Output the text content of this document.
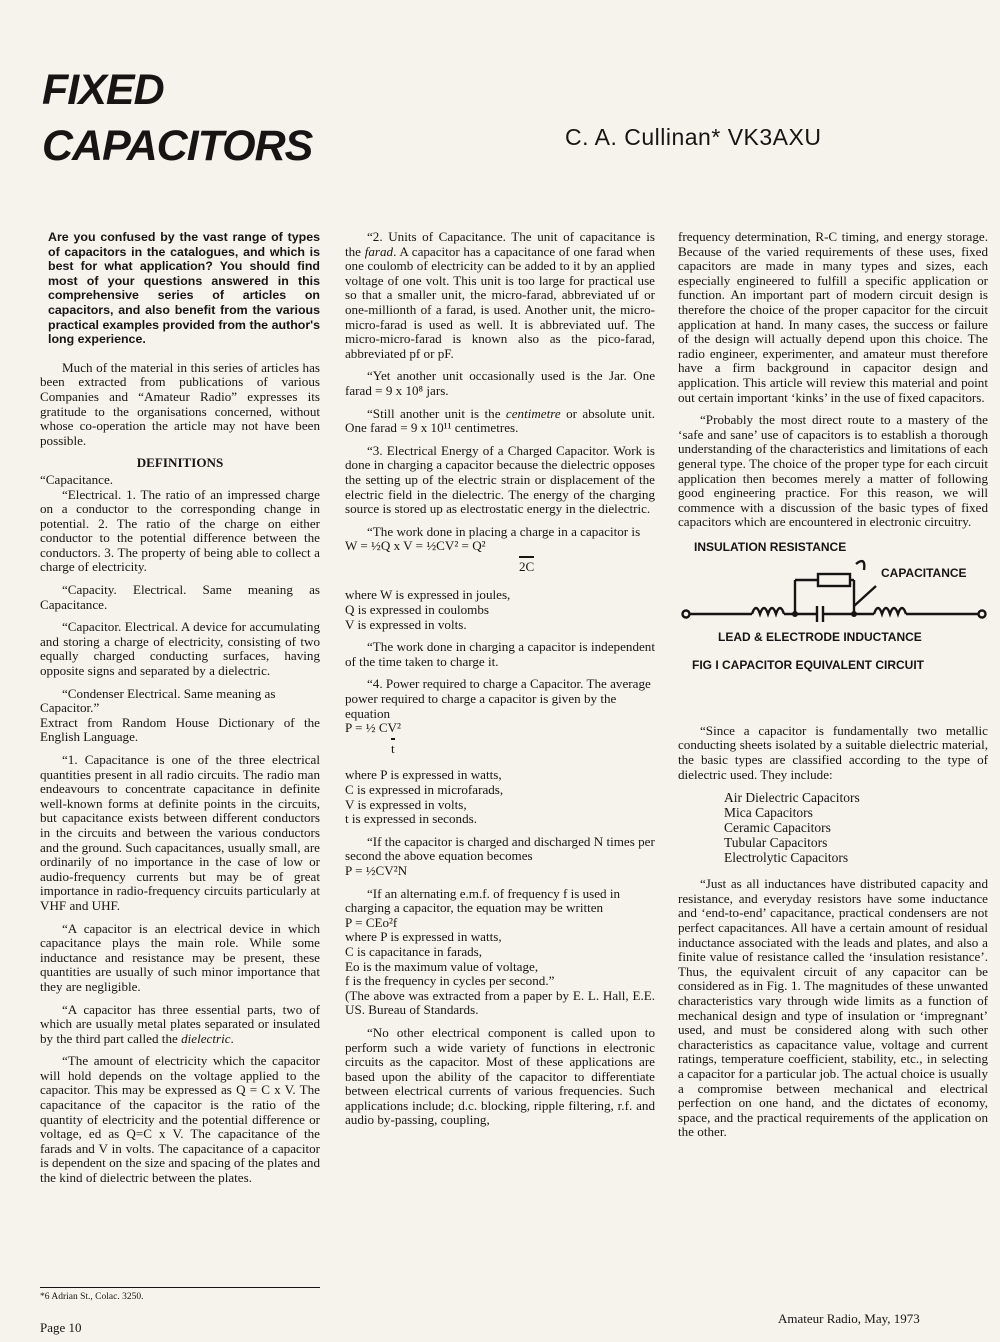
FIXED
CAPACITORS	C. A. Cullinan* VK3AXU

Are you confused by the vast range of types of capacitors in the catalogues, and which is best for what application? You should find most of your questions answered in this comprehensive series of articles on capacitors, and also benefit from the various practical examples provided from the author's long experience.

Much of the material in this series of articles has been extracted from publications of various Companies and “Amateur Radio” expresses its gratitude to the organisations concerned, without whose co-operation the article may not have been possible.

DEFINITIONS

“Capacitance.

“Electrical. 1. The ratio of an impressed charge on a conductor to the corresponding change in potential. 2. The ratio of the charge on either conductor to the potential difference between the conductors. 3. The property of being able to collect a charge of electricity.

“Capacity. Electrical. Same meaning as Capacitance.

“Capacitor. Electrical. A device for accumulating and storing a charge of electricity, consisting of two equally charged conducting surfaces, having opposite signs and separated by a dielectric.

“Condenser Electrical. Same meaning as Capacitor.”

Extract from Random House Dictionary of the English Language.

“1. Capacitance is one of the three electrical quantities present in all radio circuits. The radio man endeavours to concentrate capacitance in definite well-known forms at definite points in the circuits, but capacitance exists between different conductors in the circuits and between the various conductors and the ground. Such capacitances, usually small, are ordinarily of no importance in the case of low or audio-frequency currents but may be of great importance in radio-frequency circuits particularly at VHF and UHF.

“A capacitor is an electrical device in which capacitance plays the main role. While some inductance and resistance may be present, these quantities are usually of such minor importance that they are negligible.

“A capacitor has three essential parts, two of which are usually metal plates separated or insulated by the third part called the dielectric.

“The amount of electricity which the capacitor will hold depends on the voltage applied to the capacitor. This may be expressed as Q = C x V. The capacitance of the capacitor is the ratio of the quantity of electricity and the potential difference or voltage, ed as Q=C x V. The capacitance of the farads and V in volts. The capacitance of a capacitor is dependent on the size and spacing of the plates and the kind of dielectric between the plates.

“2. Units of Capacitance. The unit of capacitance is the farad. A capacitor has a capacitance of one farad when one coulomb of electricity can be added to it by an applied voltage of one volt. This unit is too large for practical use so that a smaller unit, the micro-farad, abbreviated uf or one-millionth of a farad, is used. Another unit, the micro-micro-farad is used as well. It is abbreviated uuf. The micro-micro-farad is known also as the pico-farad, abbreviated pf or pF.

“Yet another unit occasionally used is the Jar. One farad = 9 x 10⁸ jars.

“Still another unit is the centimetre or absolute unit. One farad = 9 x 10¹¹ centimetres.

“3. Electrical Energy of a Charged Capacitor. Work is done in charging a capacitor because the dielectric opposes the setting up of the electric strain or displacement of the electric field in the dielectric. The energy of the charging source is stored up as electrostatic energy in the dielectric.

“The work done in placing a charge in a capacitor is

W = ½Q x V = ½CV² = Q²
2C

where W is expressed in joules,

Q is expressed in coulombs

V is expressed in volts.

“The work done in charging a capacitor is independent of the time taken to charge it.

“4. Power required to charge a Capacitor. The average power required to charge a capacitor is given by the equation

P = ½ CV²
t

where P is expressed in watts,

C is expressed in microfarads,

V is expressed in volts,

t is expressed in seconds.

“If the capacitor is charged and discharged N times per second the above equation becomes

P = ½CV²N

“If an alternating e.m.f. of frequency f is used in charging a capacitor, the equation may be written

P = CEo²f

where P is expressed in watts,

C is capacitance in farads,

Eo is the maximum value of voltage,

f is the frequency in cycles per second.”

(The above was extracted from a paper by E. L. Hall, E.E. US. Bureau of Standards.

“No other electrical component is called upon to perform such a wide variety of functions in electronic circuits as the capacitor. Most of these applications are based upon the ability of the capacitor to differentiate between electrical currents of various frequencies. Such applications include; d.c. blocking, ripple filtering, r.f. and audio by-passing, coupling,

frequency determination, R-C timing, and energy storage. Because of the varied requirements of these uses, fixed capacitors are made in many types and sizes, each especially engineered to fulfill a specific application or function. An important part of modern circuit design is therefore the choice of the proper capacitor for the circuit application at hand. In many cases, the success or failure of the design will actually depend upon this choice. The radio engineer, experimenter, and amateur must therefore have a firm background in capacitor design and application. This article will review this material and point out certain important ‘kinks’ in the use of fixed capacitors.

“Probably the most direct route to a mastery of the ‘safe and sane’ use of capacitors is to establish a thorough understanding of the characteristics and limitations of each general type. The choice of the proper type for each circuit application then becomes merely a matter of following good engineering practice. For this reason, we will commence with a discussion of the basic types of fixed capacitors which are encountered in electronic circuitry.

INSULATION RESISTANCE
CAPACITANCE
LEAD & ELECTRODE INDUCTANCE
FIG I CAPACITOR EQUIVALENT CIRCUIT

“Since a capacitor is fundamentally two metallic conducting sheets isolated by a suitable dielectric material, the basic types are classified according to the type of dielectric used. They include:

Air Dielectric Capacitors
Mica Capacitors
Ceramic Capacitors
Tubular Capacitors
Electrolytic Capacitors

“Just as all inductances have distributed capacity and resistance, and everyday resistors have some inductance and ‘end-to-end’ capacitance, practical condensers are not perfect capacitances. All have a certain amount of residual inductance associated with the leads and plates, and also a finite value of resistance called the ‘insulation resistance’. Thus, the equivalent circuit of any capacitor can be considered as in Fig. 1. The magnitudes of these unwanted characteristics vary through wide limits as a function of mechanical design and type of insulation or ‘impregnant’ used, and must be considered along with such other characteristics as capacitance value, voltage and current ratings, temperature coefficient, stability, etc., in selecting a capacitor for a particular job. The actual choice is usually a compromise between mechanical and electrical perfection on one hand, and the dictates of economy, space, and the practical requirements of the application on the other.

*6 Adrian St., Colac. 3250.
Page 10
Amateur Radio, May, 1973
